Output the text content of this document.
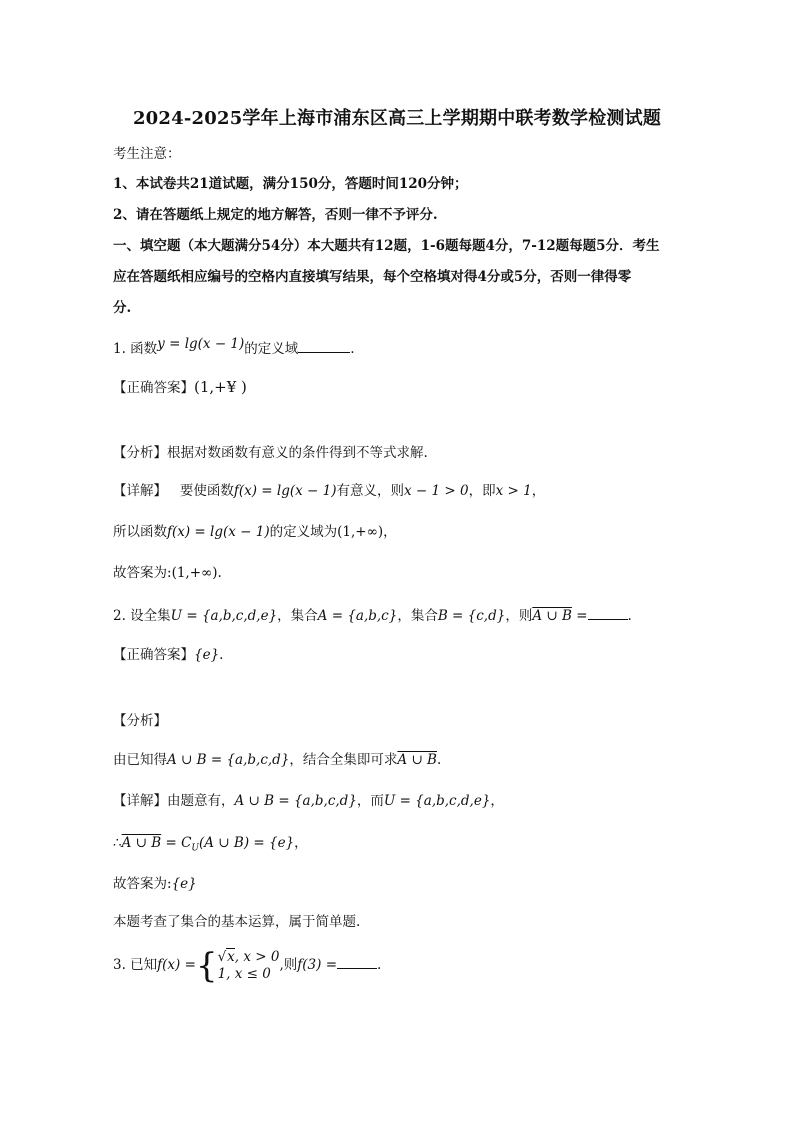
2024-2025学年上海市浦东区高三上学期期中联考数学检测试题
考生注意：
1、本试卷共21道试题，满分150分，答题时间120分钟；
2、请在答题纸上规定的地方解答，否则一律不予评分.
一、填空题（本大题满分54分）本大题共有12题，1-6题每题4分，7-12题每题5分．考生
应在答题纸相应编号的空格内直接填写结果，每个空格填对得4分或5分，否则一律得零
分.
1. 函数y = lg(x − 1)的定义域	.
【正确答案】(1,+¥ )
【分析】根据对数函数有意义的条件得到不等式求解.
【详解】 要使函数f(x) = lg(x − 1)有意义，则x − 1 > 0，即x > 1，
所以函数f(x) = lg(x − 1)的定义域为(1,+∞)，
故答案为:(1,+∞).
2. 设全集U = {a,b,c,d,e}，集合A = {a,b,c}，集合B = {c,d}，则A ∪ B =	.
【正确答案】{e}.
【分析】
由已知得A ∪ B = {a,b,c,d}，结合全集即可求A ∪ B.
【详解】由题意有，A ∪ B = {a,b,c,d}，而U = {a,b,c,d,e}，
∴A ∪ $B = C_U(A$ ∪ B) = {e}，
故答案为:{e}
本题考查了集合的基本运算，属于简单题.
3. 已知f(x) ={ √x, x > 0
1, x ≤ 0
,则f(3) =	.
